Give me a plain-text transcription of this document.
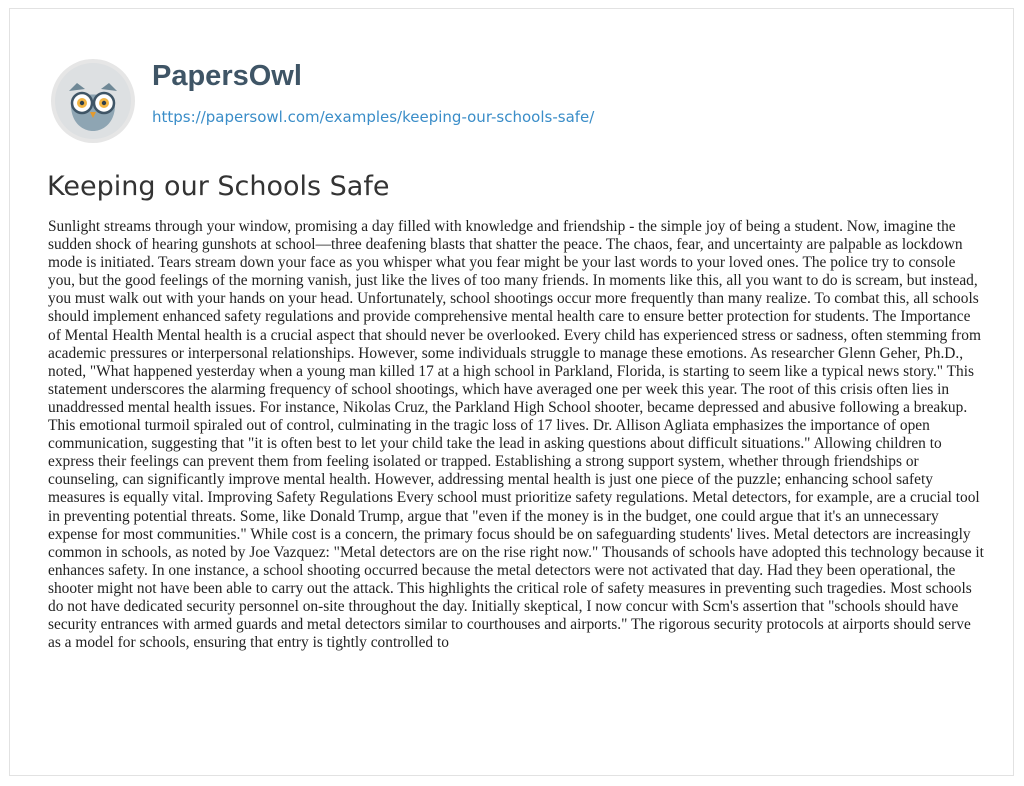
PapersOwl
https://papersowl.com/examples/keeping-our-schools-safe/
Keeping our Schools Safe

Sunlight streams through your window, promising a day filled with knowledge and friendship - the simple joy of being a student. Now, imagine the sudden shock of hearing gunshots at school—three deafening blasts that shatter the peace. The chaos, fear, and uncertainty are palpable as lockdown mode is initiated. Tears stream down your face as you whisper what you fear might be your last words to your loved ones. The police try to console you, but the good feelings of the morning vanish, just like the lives of too many friends. In moments like this, all you want to do is scream, but instead, you must walk out with your hands on your head. Unfortunately, school shootings occur more frequently than many realize. To combat this, all schools should implement enhanced safety regulations and provide comprehensive mental health care to ensure better protection for students. The Importance of Mental Health Mental health is a crucial aspect that should never be overlooked. Every child has experienced stress or sadness, often stemming from academic pressures or interpersonal relationships. However, some individuals struggle to manage these emotions. As researcher Glenn Geher, Ph.D., noted, "What happened yesterday when a young man killed 17 at a high school in Parkland, Florida, is starting to seem like a typical news story." This statement underscores the alarming frequency of school shootings, which have averaged one per week this year. The root of this crisis often lies in unaddressed mental health issues. For instance, Nikolas Cruz, the Parkland High School shooter, became depressed and abusive following a breakup. This emotional turmoil spiraled out of control, culminating in the tragic loss of 17 lives. Dr. Allison Agliata emphasizes the importance of open communication, suggesting that "it is often best to let your child take the lead in asking questions about difficult situations." Allowing children to express their feelings can prevent them from feeling isolated or trapped. Establishing a strong support system, whether through friendships or counseling, can significantly improve mental health. However, addressing mental health is just one piece of the puzzle; enhancing school safety measures is equally vital. Improving Safety Regulations Every school must prioritize safety regulations. Metal detectors, for example, are a crucial tool in preventing potential threats. Some, like Donald Trump, argue that "even if the money is in the budget, one could argue that it's an unnecessary expense for most communities." While cost is a concern, the primary focus should be on safeguarding students' lives. Metal detectors are increasingly common in schools, as noted by Joe Vazquez: "Metal detectors are on the rise right now." Thousands of schools have adopted this technology because it enhances safety. In one instance, a school shooting occurred because the metal detectors were not activated that day. Had they been operational, the shooter might not have been able to carry out the attack. This highlights the critical role of safety measures in preventing such tragedies. Most schools do not have dedicated security personnel on-site throughout the day. Initially skeptical, I now concur with Scm's assertion that "schools should have security entrances with armed guards and metal detectors similar to courthouses and airports." The rigorous security protocols at airports should serve as a model for schools, ensuring that entry is tightly controlled to
